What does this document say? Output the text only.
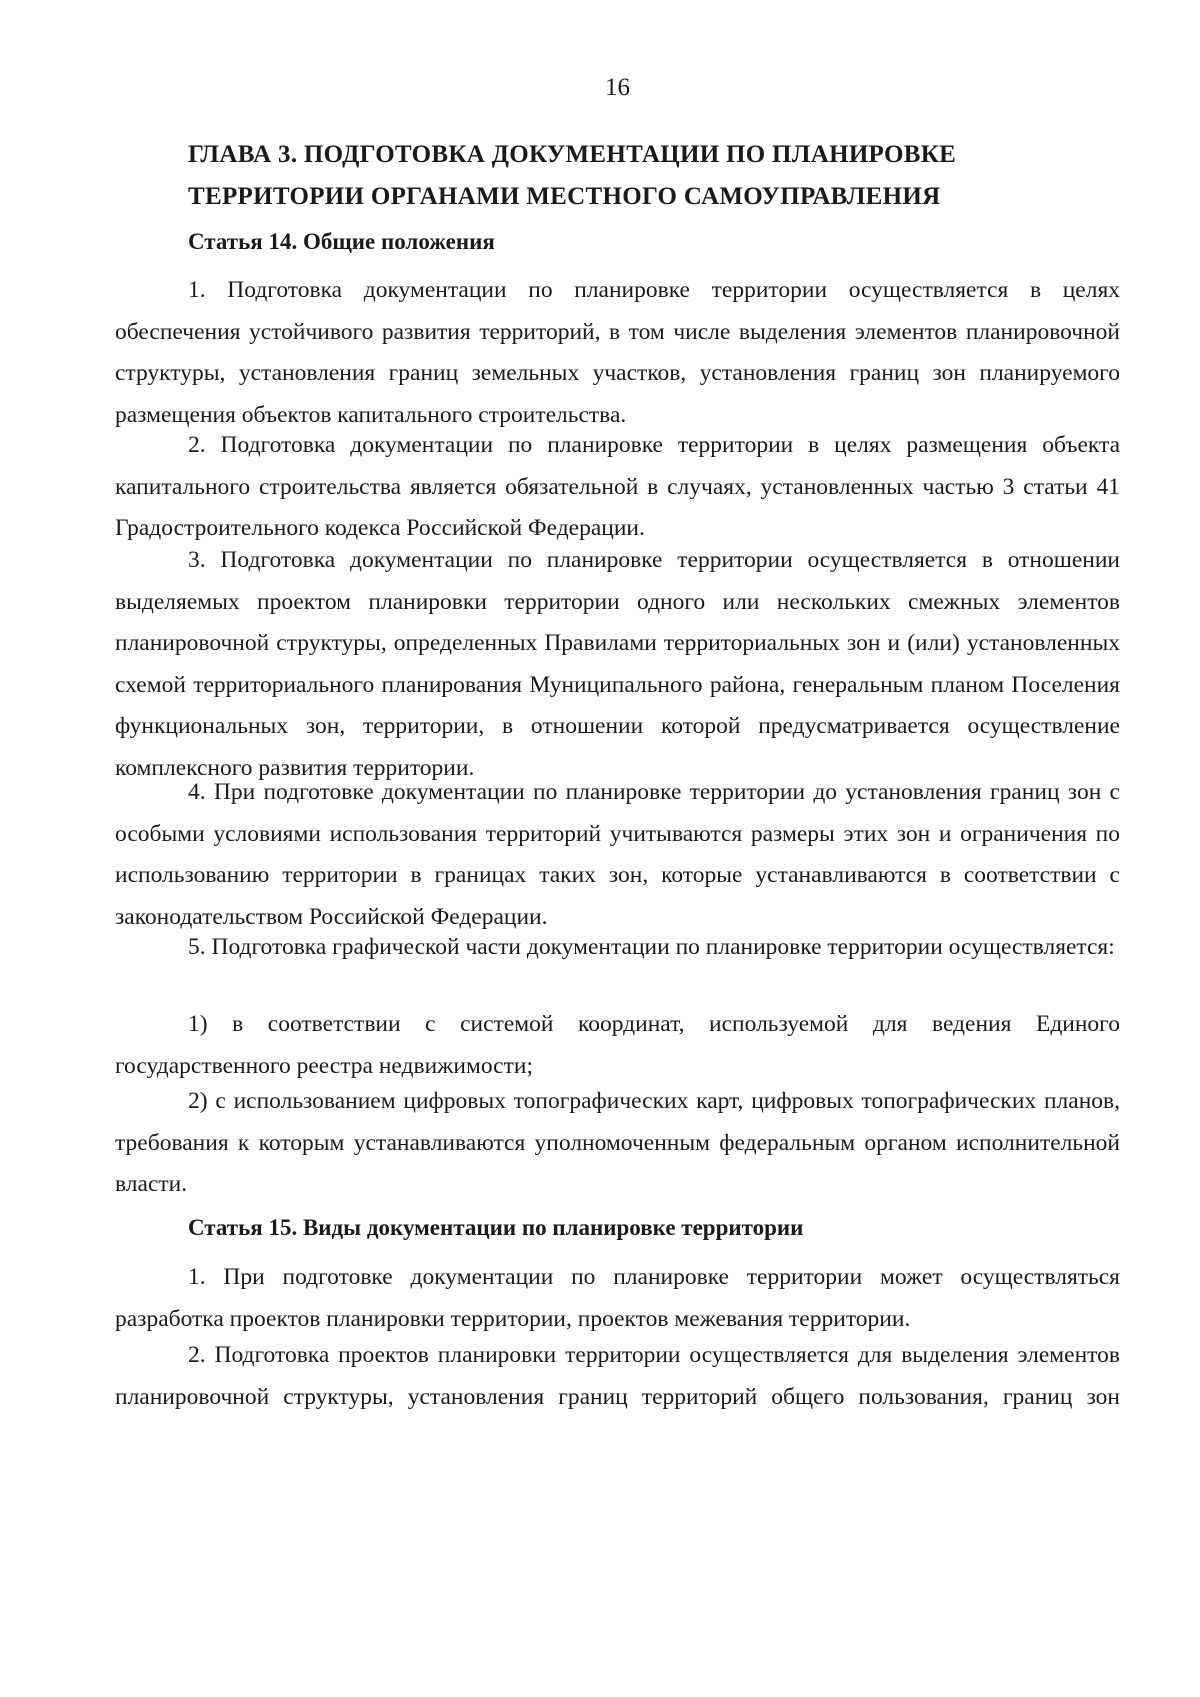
16
ГЛАВА 3. ПОДГОТОВКА ДОКУМЕНТАЦИИ ПО ПЛАНИРОВКЕ ТЕРРИТОРИИ ОРГАНАМИ МЕСТНОГО САМОУПРАВЛЕНИЯ
Статья 14. Общие положения

1. Подготовка документации по планировке территории осуществляется в целях обеспечения устойчивого развития территорий, в том числе выделения элементов планировочной структуры, установления границ земельных участков, установления границ зон планируемого размещения объектов капитального строительства.

2. Подготовка документации по планировке территории в целях размещения объекта капитального строительства является обязательной в случаях, установленных частью 3 статьи 41 Градостроительного кодекса Российской Федерации.

3. Подготовка документации по планировке территории осуществляется в отношении выделяемых проектом планировки территории одного или нескольких смежных элементов планировочной структуры, определенных Правилами территориальных зон и (или) установленных схемой территориального планирования Муниципального района, генеральным планом Поселения функциональных зон, территории, в отношении которой предусматривается осуществление комплексного развития территории.

4. При подготовке документации по планировке территории до установления границ зон с особыми условиями использования территорий учитываются размеры этих зон и ограничения по использованию территории в границах таких зон, которые устанавливаются в соответствии с законодательством Российской Федерации.

5. Подготовка графической части документации по планировке территории осуществляется:

1) в соответствии с системой координат, используемой для ведения Единого государственного реестра недвижимости;

2) с использованием цифровых топографических карт, цифровых топографических планов, требования к которым устанавливаются уполномоченным федеральным органом исполнительной власти.

Статья 15. Виды документации по планировке территории

1. При подготовке документации по планировке территории может осуществляться разработка проектов планировки территории, проектов межевания территории.

2. Подготовка проектов планировки территории осуществляется для выделения элементов планировочной структуры, установления границ территорий общего пользования, границ зон
